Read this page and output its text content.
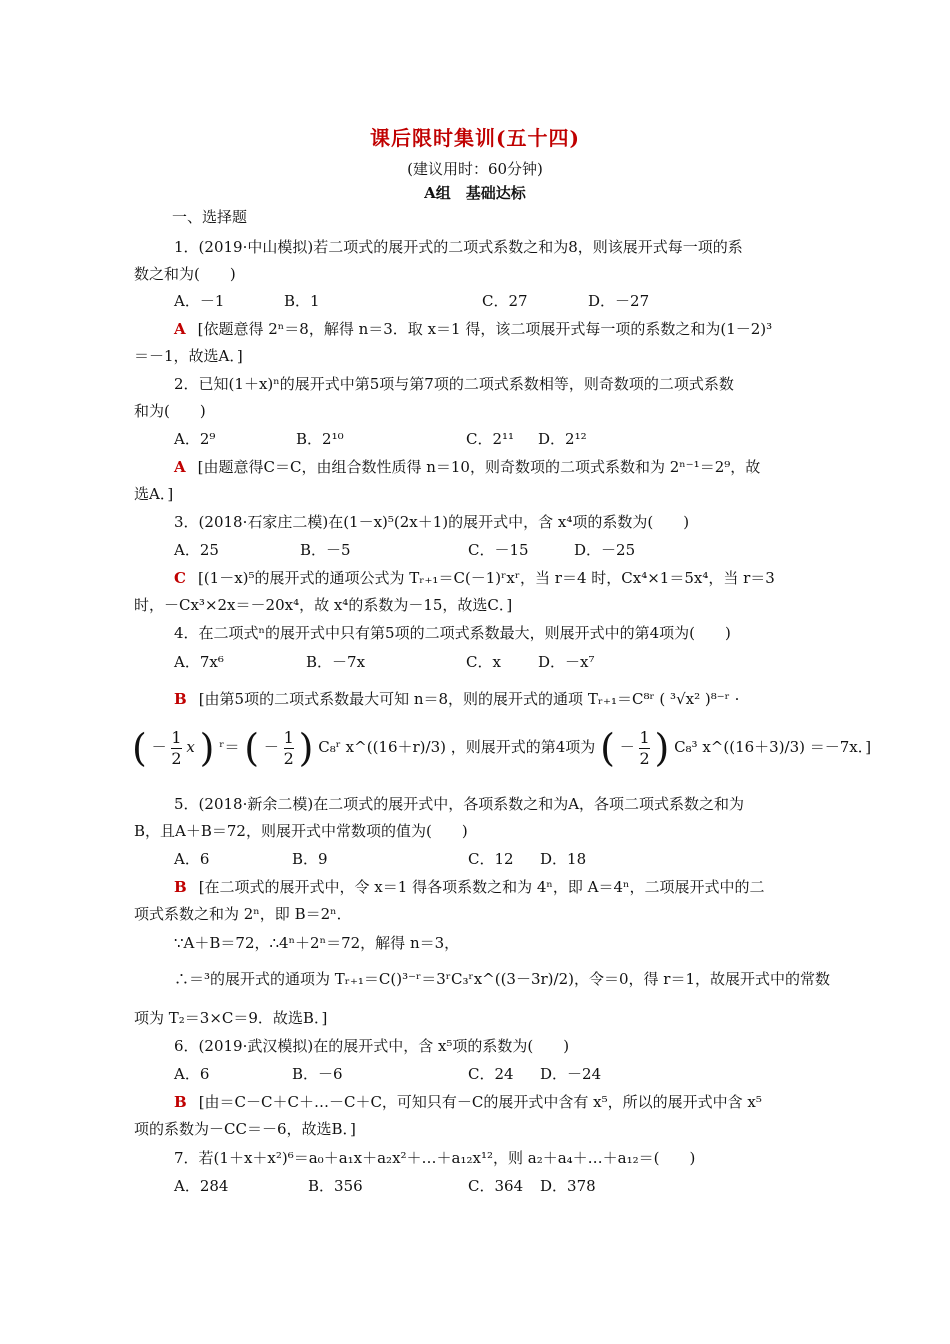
课后限时集训(五十四)
(建议用时：60分钟)
A组　基础达标
一、选择题
1．(2019·中山模拟)若二项式的展开式的二项式系数之和为8，则该展开式每一项的系
数之和为(　　)
A．－1	B．1	C．27	D．－27
A [依题意得 2ⁿ＝8，解得 n＝3．取 x＝1 得，该二项展开式每一项的系数之和为(1－2)³
＝－1，故选A．]
2．已知(1＋x)ⁿ的展开式中第5项与第7项的二项式系数相等，则奇数项的二项式系数
和为(　　)
A．2⁹	B．2¹⁰	C．2¹¹ D．2¹²
A [由题意得C＝C，由组合数性质得 n＝10，则奇数项的二项式系数和为 2ⁿ⁻¹＝2⁹，故
选A．]
3．(2018·石家庄二模)在(1－x)⁵(2x＋1)的展开式中，含 x⁴项的系数为(　　)
A．25	B．－5	C．－15	D．－25
C [(1－x)⁵的展开式的通项公式为 Tᵣ₊₁＝C(－1)ʳxʳ，当 r＝4 时，Cx⁴×1＝5x⁴，当 r＝3
时，－Cx³×2x＝－20x⁴，故 x⁴的系数为－15，故选C．]
4．在二项式ⁿ的展开式中只有第5项的二项式系数最大，则展开式中的第4项为(　　)
A．7x⁶	B．－7x	C．x D．－x⁷
B [由第5项的二项式系数最大可知 n＝8，则的展开式的通项 Tᵣ₊₁＝C⁸ʳ ( ³√x² )⁸⁻ʳ ·
( － $\frac{1}{2}$ x ) ʳ＝ ( － $\frac{1}{2}$ ) C₈ʳ x^((16＋r)/3) ，则展开式的第4项为 ( － $\frac{1}{2}$ ) C₈³ x^((16＋3)/3) ＝－7x．]
5．(2018·新余二模)在二项式的展开式中，各项系数之和为A，各项二项式系数之和为
B，且A＋B＝72，则展开式中常数项的值为(　　)
A．6	B．9	C．12 D．18
B [在二项式的展开式中，令 x＝1 得各项系数之和为 4ⁿ，即 A＝4ⁿ，二项展开式中的二
项式系数之和为 2ⁿ，即 B＝2ⁿ．
∵A＋B＝72，∴4ⁿ＋2ⁿ＝72，解得 n＝3，
∴＝³的展开式的通项为 Tᵣ₊₁＝C()³⁻ʳ＝3ʳC₃ʳx^((3－3r)/2)，令＝0，得 r＝1，故展开式中的常数
项为 T₂＝3×C＝9．故选B．]
6．(2019·武汉模拟)在的展开式中，含 x⁵项的系数为(　　)
A．6	B．－6	C．24 D．－24
B [由＝C－C＋C＋…－C＋C，可知只有－C的展开式中含有 x⁵，所以的展开式中含 x⁵
项的系数为－CC＝－6，故选B．]
7．若(1＋x＋x²)⁶＝a₀＋a₁x＋a₂x²＋…＋a₁₂x¹²，则 a₂＋a₄＋…＋a₁₂＝(　　)
A．284	B．356	C．364 D．378
